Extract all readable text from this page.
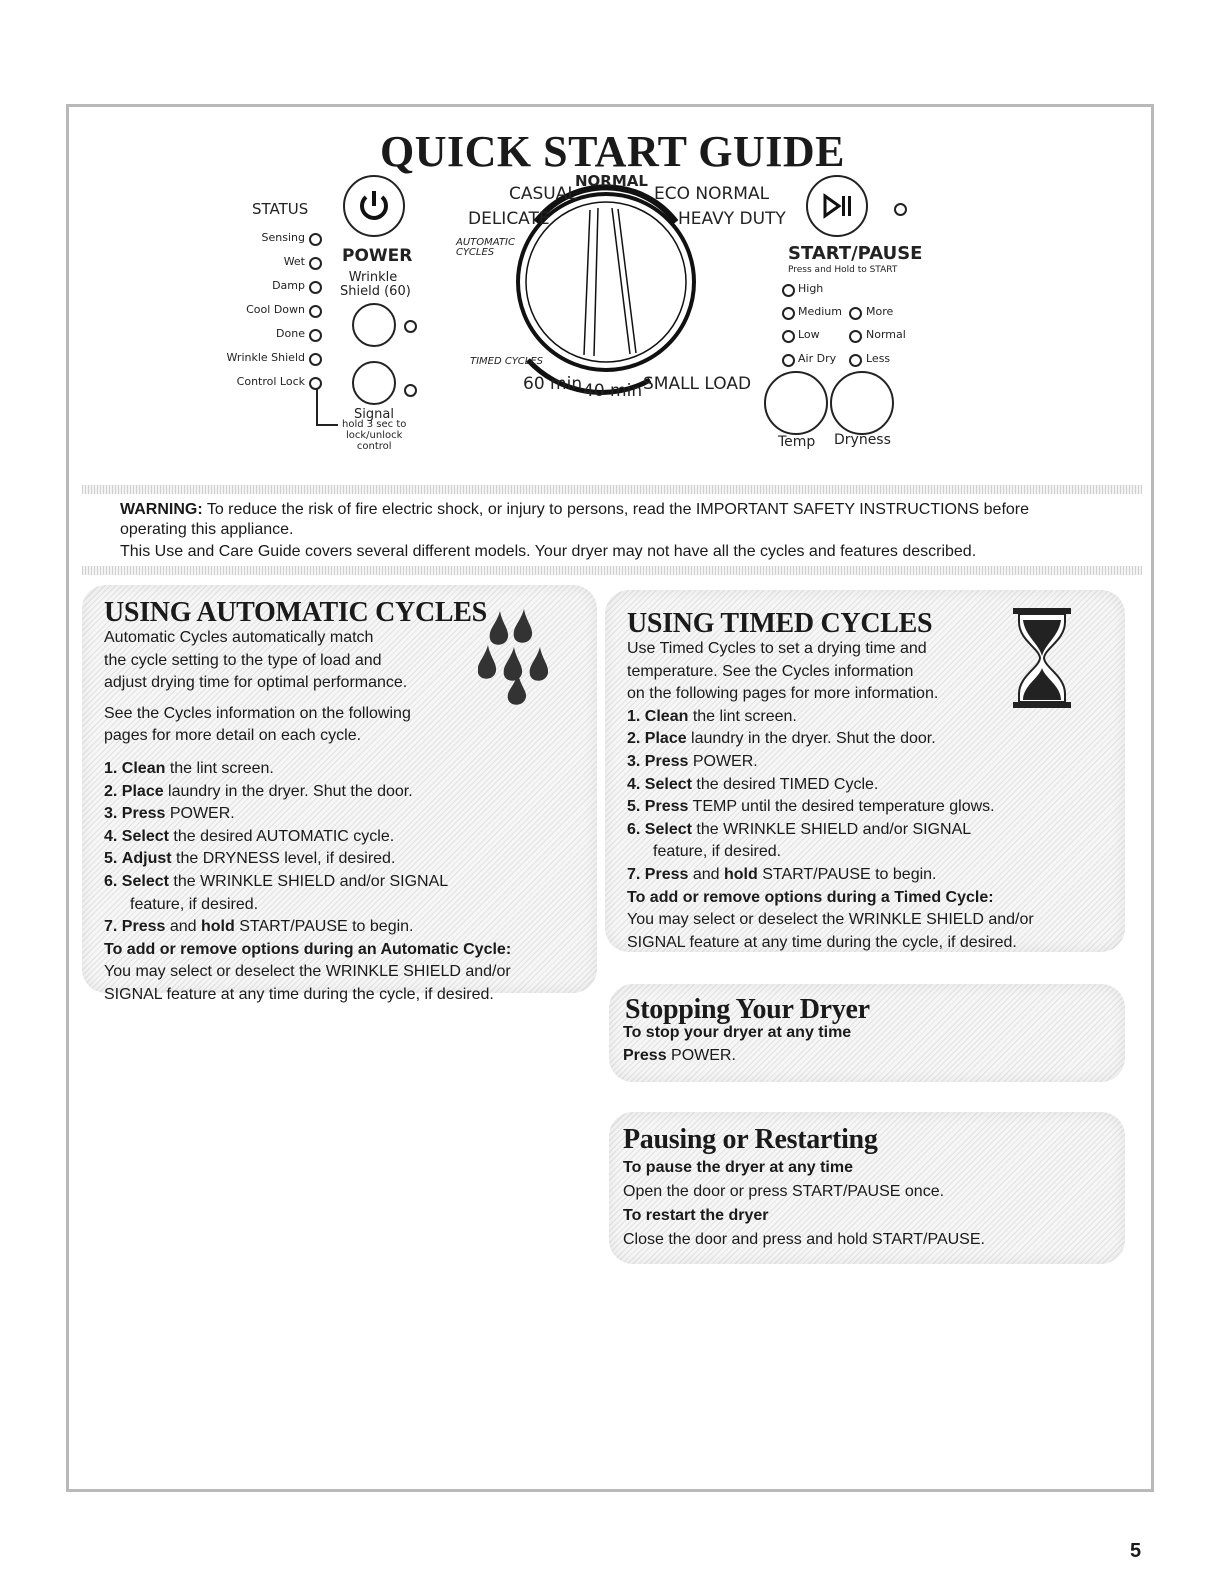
QUICK START GUIDE
STATUS
Sensing
Wet
Damp
Cool Down
Done
Wrinkle Shield
Control Lock
hold 3 sec to
lock/unlock
control
POWER
Wrinkle
Shield (60)
Signal
NORMAL
CASUAL	ECO NORMAL
DELICATE	HEAVY DUTY
AUTOMATIC
CYCLES
TIMED CYCLES
60 min 40 min SMALL LOAD
START/PAUSE
Press and Hold to START
High
Medium More
Low	Normal
Air Dry	Less
Temp Dryness
WARNING: To reduce the risk of fire electric shock, or injury to persons, read the IMPORTANT SAFETY INSTRUCTIONS before operating this appliance.
This Use and Care Guide covers several different models. Your dryer may not have all the cycles and features described.
USING AUTOMATIC CYCLES
Automatic Cycles automatically match
the cycle setting to the type of load and
adjust drying time for optimal performance.
See the Cycles information on the following
pages for more detail on each cycle.
1. Clean the lint screen.
2. Place laundry in the dryer. Shut the door.
3. Press POWER.
4. Select the desired AUTOMATIC cycle.
5. Adjust the DRYNESS level, if desired.
6. Select the WRINKLE SHIELD and/or SIGNAL
feature, if desired.
7. Press and hold START/PAUSE to begin.
To add or remove options during an Automatic Cycle:
You may select or deselect the WRINKLE SHIELD and/or
SIGNAL feature at any time during the cycle, if desired.
USING TIMED CYCLES
Use Timed Cycles to set a drying time and
temperature. See the Cycles information
on the following pages for more information.
1. Clean the lint screen.
2. Place laundry in the dryer. Shut the door.
3. Press POWER.
4. Select the desired TIMED Cycle.
5. Press TEMP until the desired temperature glows.
6. Select the WRINKLE SHIELD and/or SIGNAL
feature, if desired.
7. Press and hold START/PAUSE to begin.
To add or remove options during a Timed Cycle:
You may select or deselect the WRINKLE SHIELD and/or
SIGNAL feature at any time during the cycle, if desired.
Stopping Your Dryer
To stop your dryer at any time
Press POWER.
Pausing or Restarting
To pause the dryer at any time
Open the door or press START/PAUSE once.
To restart the dryer
Close the door and press and hold START/PAUSE.
5
